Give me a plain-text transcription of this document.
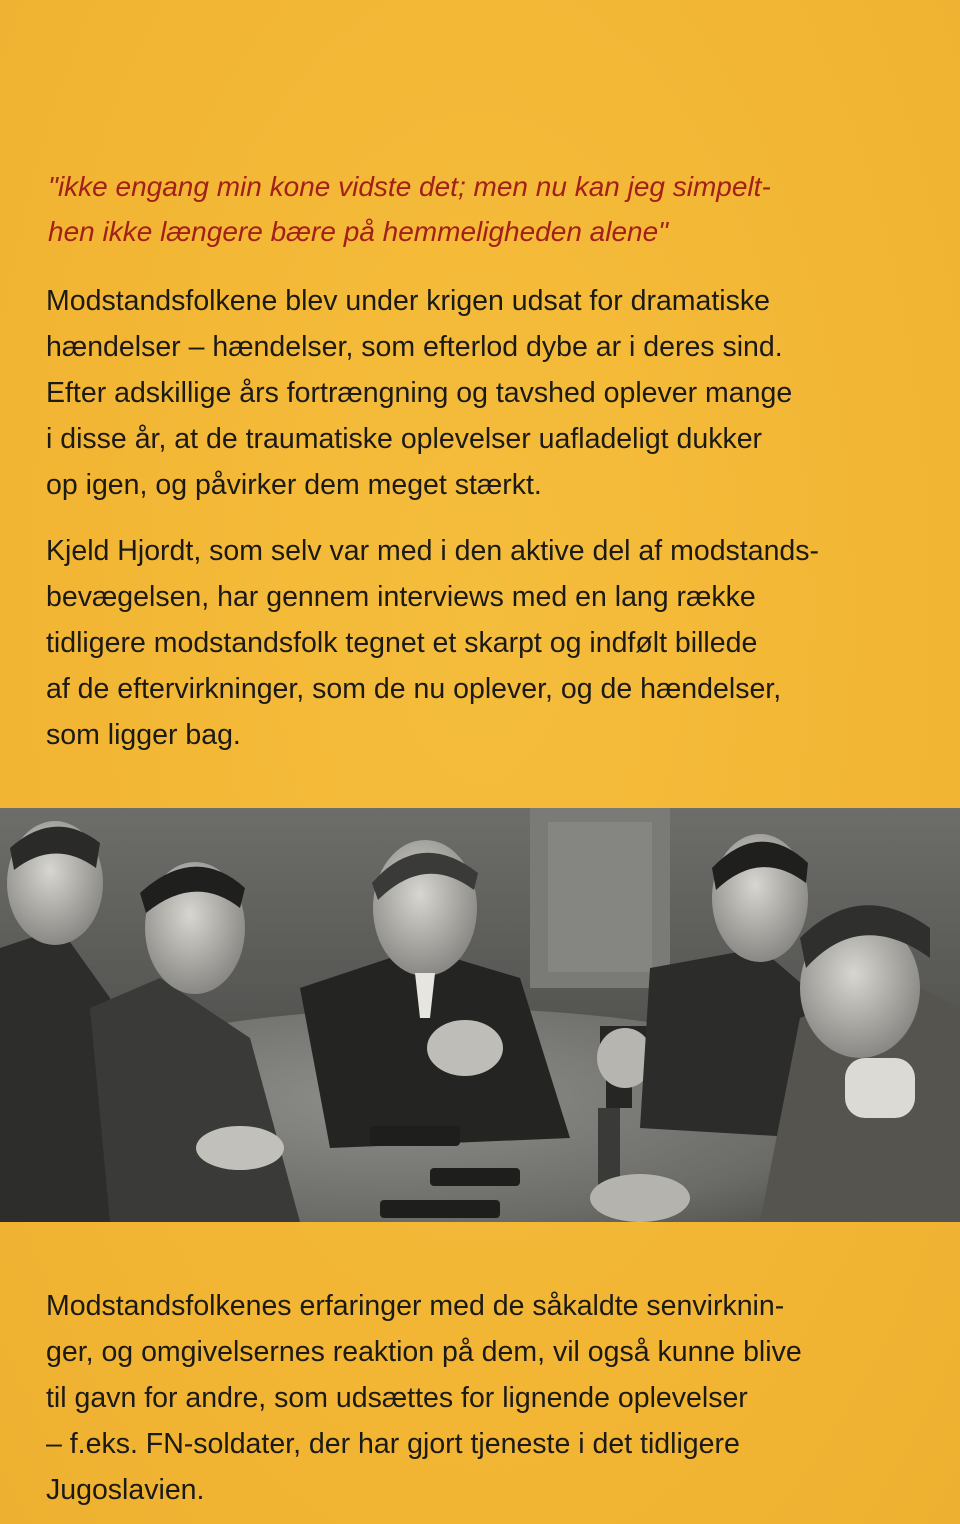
"ikke engang min kone vidste det; men nu kan jeg simpelt-
hen ikke længere bære på hemmeligheden alene"

Modstandsfolkene blev under krigen udsat for dramatiske
hændelser – hændelser, som efterlod dybe ar i deres sind.
Efter adskillige års fortrængning og tavshed oplever mange
i disse år, at de traumatiske oplevelser uafladeligt dukker
op igen, og påvirker dem meget stærkt.

Kjeld Hjordt, som selv var med i den aktive del af modstands-
bevægelsen, har gennem interviews med en lang række
tidligere modstandsfolk tegnet et skarpt og indfølt billede
af de eftervirkninger, som de nu oplever, og de hændelser,
som ligger bag.

Modstandsfolkenes erfaringer med de såkaldte senvirknin-
ger, og omgivelsernes reaktion på dem, vil også kunne blive
til gavn for andre, som udsættes for lignende oplevelser
– f.eks. FN-soldater, der har gjort tjeneste i det tidligere
Jugoslavien.
